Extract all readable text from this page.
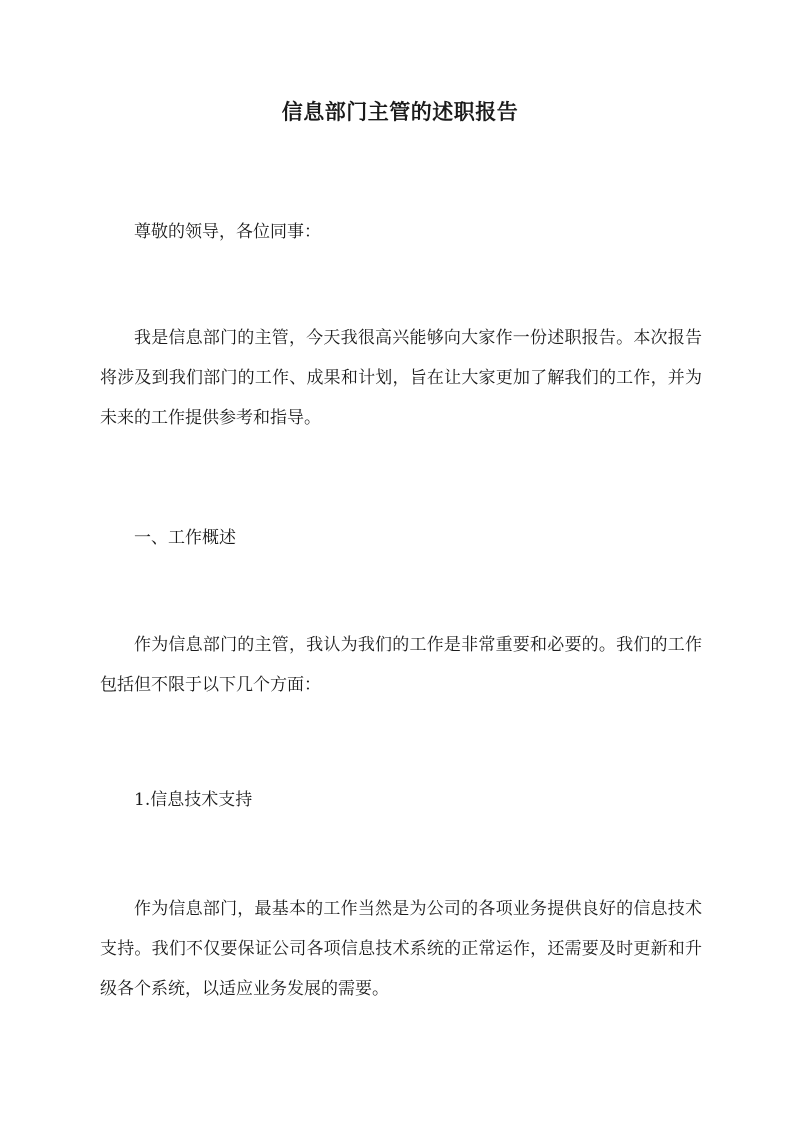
信息部门主管的述职报告

尊敬的领导，各位同事：

我是信息部门的主管，今天我很高兴能够向大家作一份述职报告。本次报告将涉及到我们部门的工作、成果和计划，旨在让大家更加了解我们的工作，并为未来的工作提供参考和指导。

一、工作概述

作为信息部门的主管，我认为我们的工作是非常重要和必要的。我们的工作包括但不限于以下几个方面：

1.信息技术支持

作为信息部门，最基本的工作当然是为公司的各项业务提供良好的信息技术支持。我们不仅要保证公司各项信息技术系统的正常运作，还需要及时更新和升级各个系统，以适应业务发展的需要。
